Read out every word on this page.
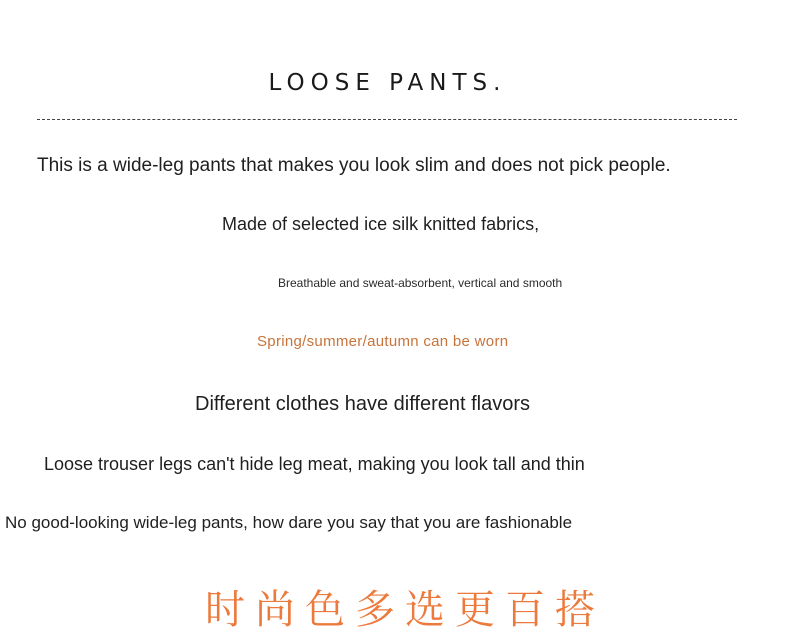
LOOSE PANTS.
This is a wide-leg pants that makes you look slim and does not pick people.
Made of selected ice silk knitted fabrics,
Breathable and sweat-absorbent, vertical and smooth
Spring/summer/autumn can be worn
Different clothes have different flavors
Loose trouser legs can't hide leg meat, making you look tall and thin
No good-looking wide-leg pants, how dare you say that you are fashionable
时尚色多选更百搭
